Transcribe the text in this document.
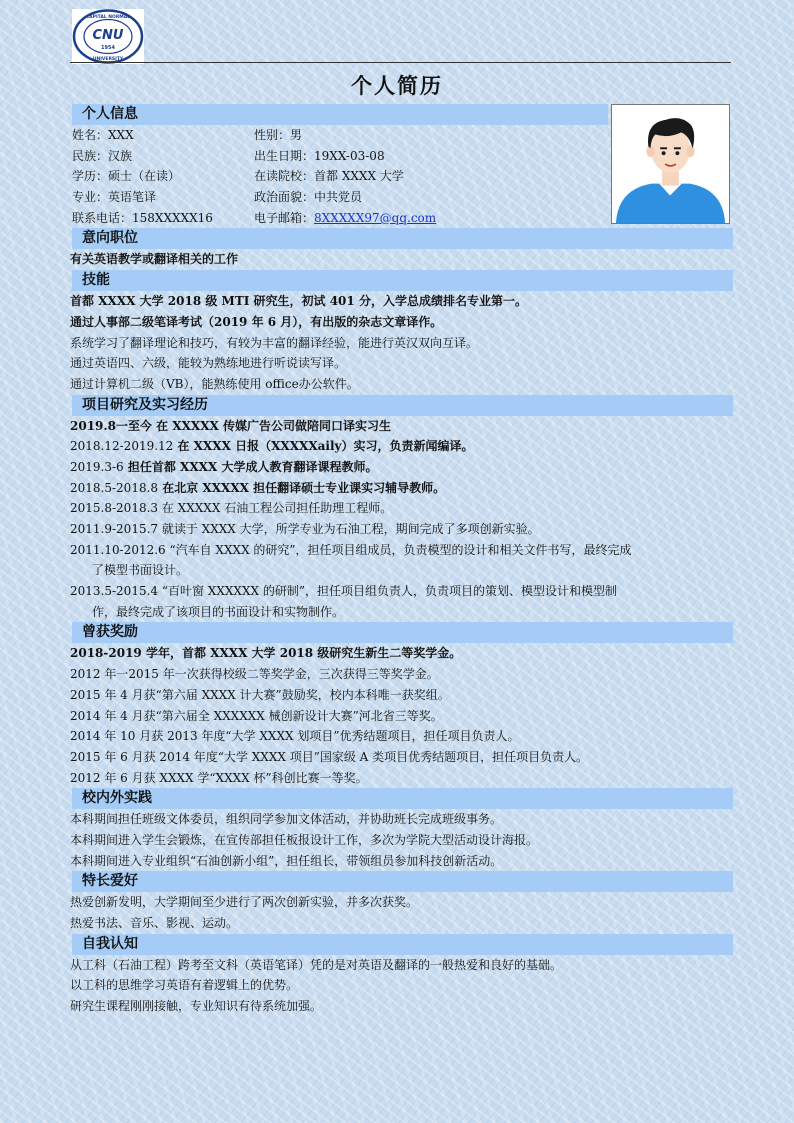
CAPITAL NORMAL
CNU
1954
UNIVERSITY
个人简历
个人信息
姓名：XXX	性别：男
民族：汉族	出生日期：19XX-03-08
学历：硕士（在读）	在读院校：首都 XXXX 大学
专业：英语笔译	政治面貌：中共党员
联系电话：158XXXXX16	电子邮箱：8XXXXX97@qq.com
意向职位
有关英语教学或翻译相关的工作
技能
首都 XXXX 大学 2018 级 MTI 研究生，初试 401 分，入学总成绩排名专业第一。
通过人事部二级笔译考试（2019 年 6 月），有出版的杂志文章译作。
系统学习了翻译理论和技巧，有较为丰富的翻译经验，能进行英汉双向互译。
通过英语四、六级，能较为熟练地进行听说读写译。
通过计算机二级（VB），能熟练使用 office办公软件。
项目研究及实习经历
2019.8一至今 在 XXXXX 传媒广告公司做陪同口译实习生
2018.12-2019.12 在 XXXX 日报（XXXXXaily）实习，负责新闻编译。
2019.3-6 担任首都 XXXX 大学成人教育翻译课程教师。
2018.5-2018.8 在北京 XXXXX 担任翻译硕士专业课实习辅导教师。
2015.8-2018.3 在 XXXXX 石油工程公司担任助理工程师。
2011.9-2015.7 就读于 XXXX 大学，所学专业为石油工程，期间完成了多项创新实验。
2011.10-2012.6 “汽车自 XXXX 的研究”，担任项目组成员，负责模型的设计和相关文件书写，最终完成
了模型书面设计。
2013.5-2015.4 “百叶窗 XXXXXX 的研制”，担任项目组负责人，负责项目的策划、模型设计和模型制
作，最终完成了该项目的书面设计和实物制作。
曾获奖励
2018-2019 学年，首都 XXXX 大学 2018 级研究生新生二等奖学金。
2012 年一2015 年一次获得校级二等奖学金，三次获得三等奖学金。
2015 年 4 月获“第六届 XXXX 计大赛”鼓励奖，校内本科唯一获奖组。
2014 年 4 月获“第六届全 XXXXXX 械创新设计大赛”河北省三等奖。
2014 年 10 月获 2013 年度“大学 XXXX 划项目”优秀结题项目，担任项目负责人。
2015 年 6 月获 2014 年度“大学 XXXX 项目”国家级 A 类项目优秀结题项目，担任项目负责人。
2012 年 6 月获 XXXX 学“XXXX 杯”科创比赛一等奖。
校内外实践
本科期间担任班级文体委员，组织同学参加文体活动，并协助班长完成班级事务。
本科期间进入学生会锻炼，在宣传部担任板报设计工作，多次为学院大型活动设计海报。
本科期间进入专业组织“石油创新小组”，担任组长，带领组员参加科技创新活动。
特长爱好
热爱创新发明，大学期间至少进行了两次创新实验，并多次获奖。
热爱书法、音乐、影视、运动。
自我认知
从工科（石油工程）跨考至文科（英语笔译）凭的是对英语及翻译的一般热爱和良好的基础。
以工科的思维学习英语有着逻辑上的优势。
研究生课程刚刚接触，专业知识有待系统加强。
